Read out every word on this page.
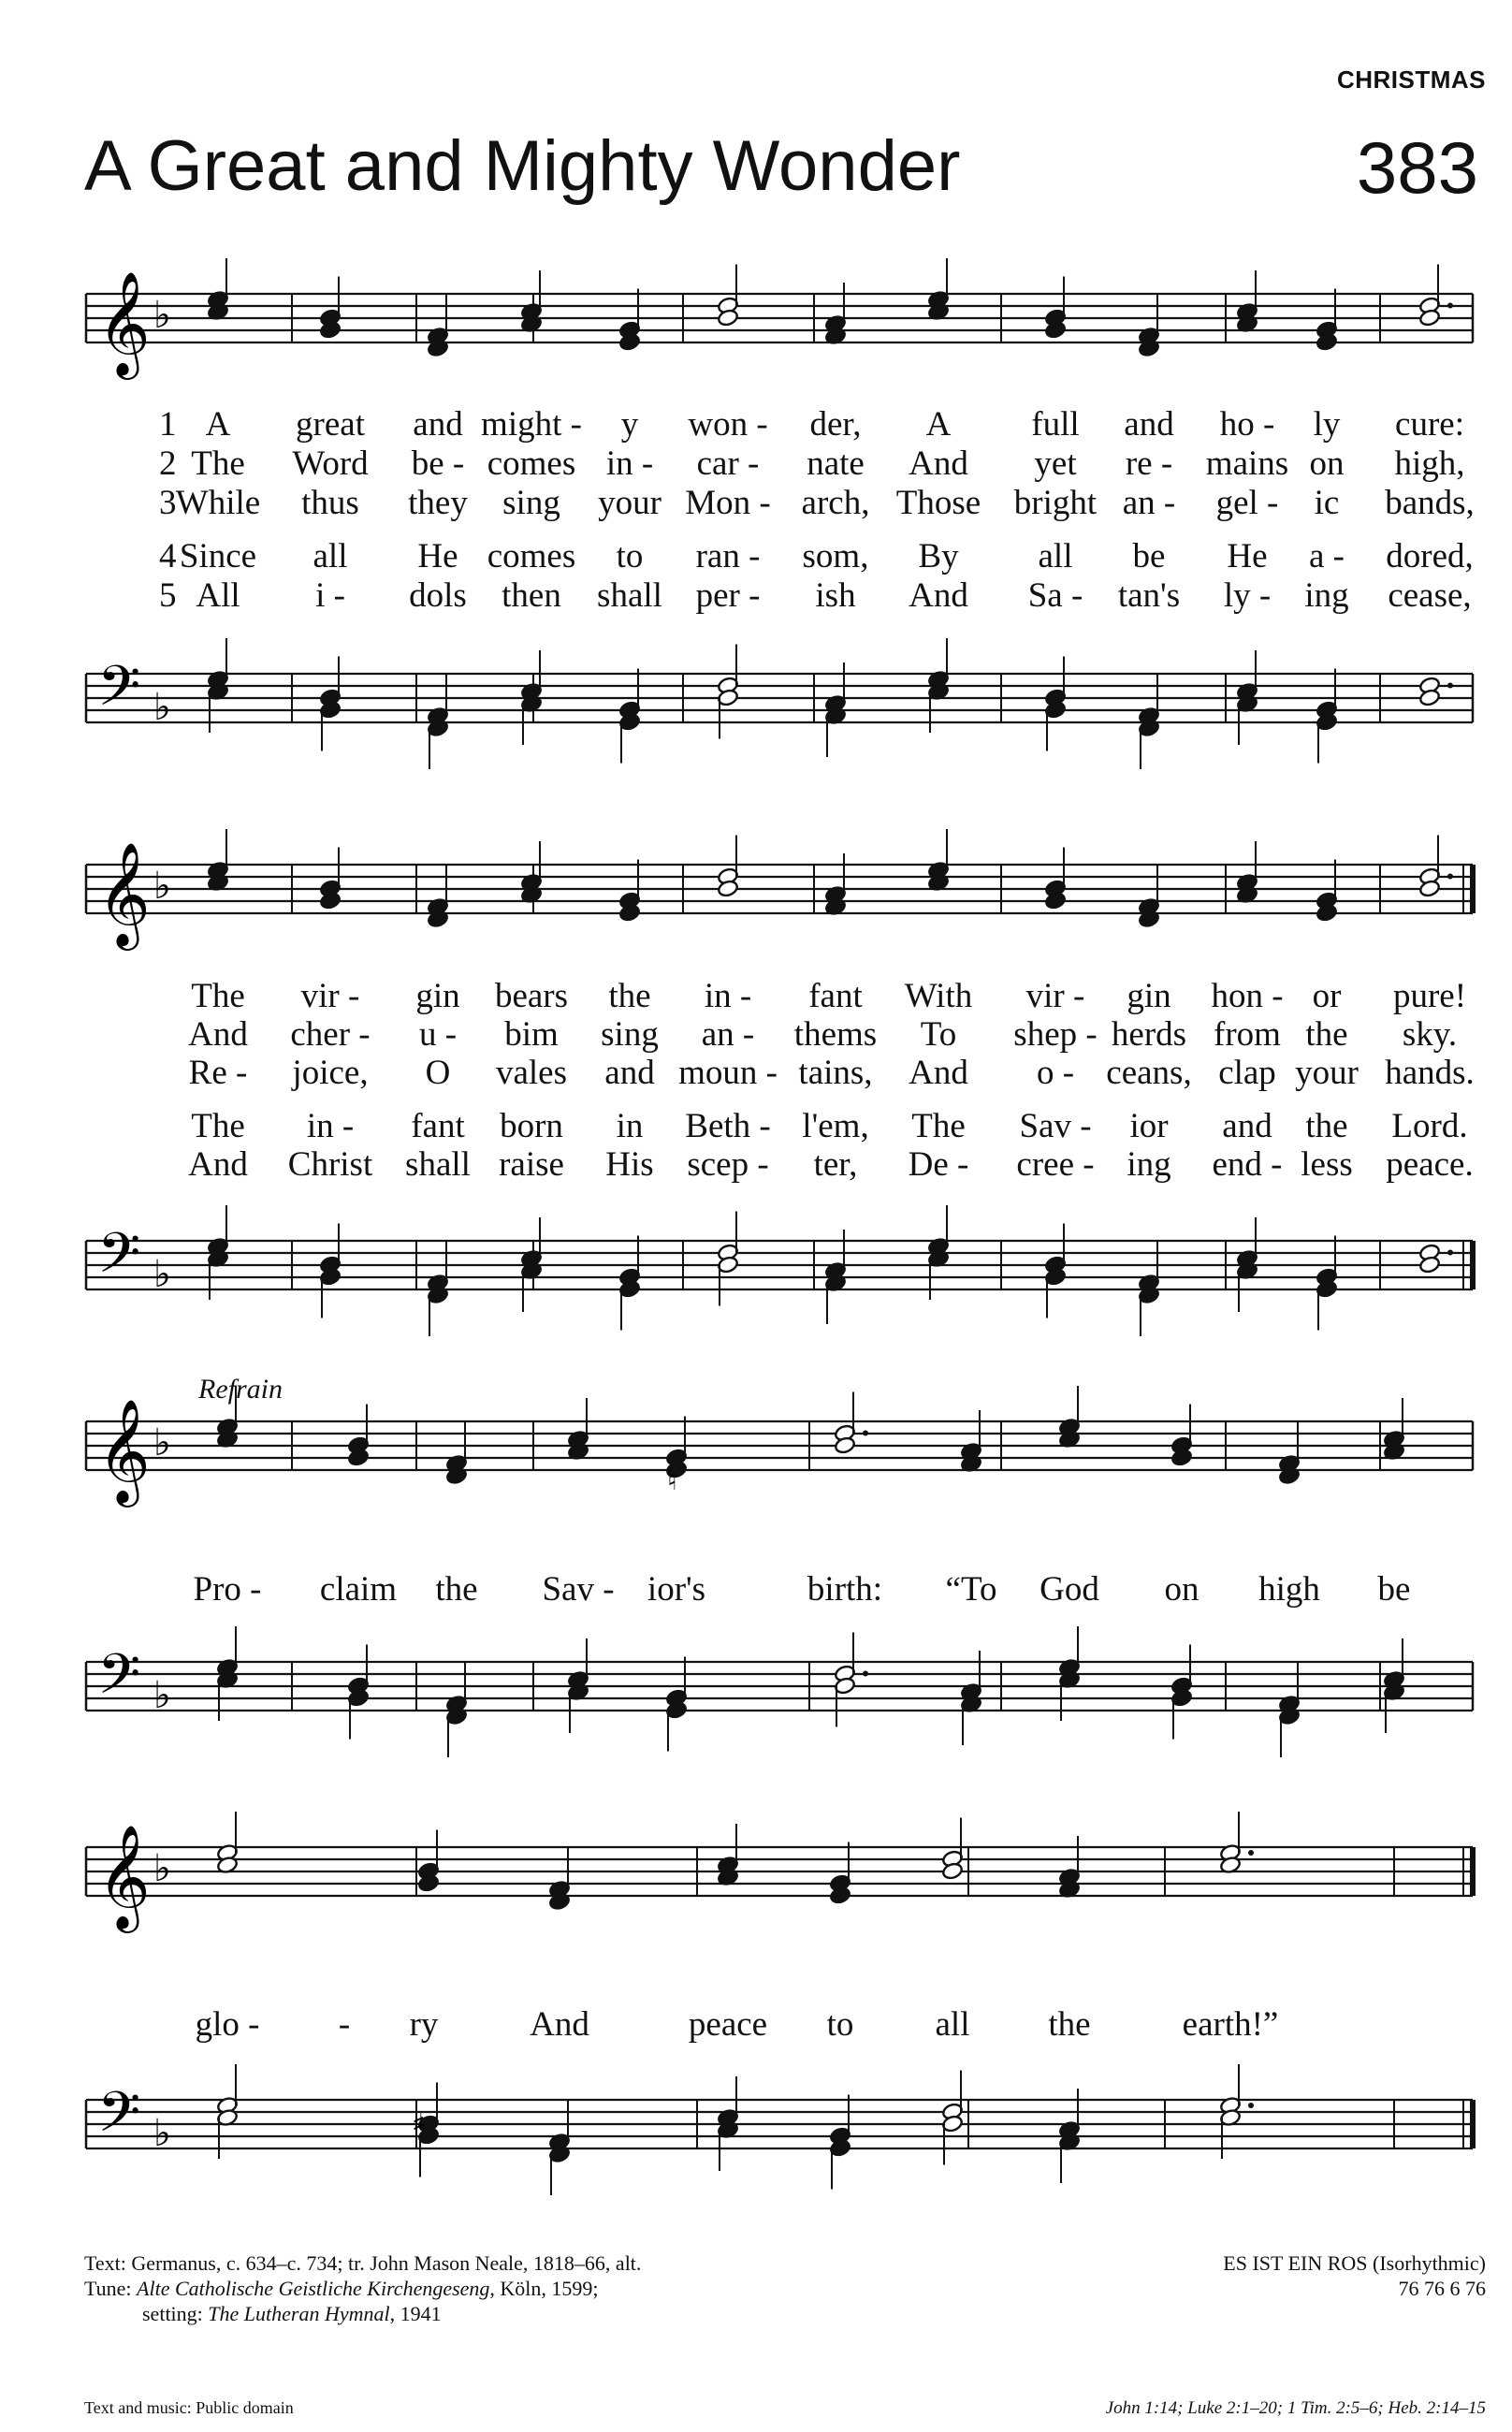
CHRISTMAS
A Great and Mighty Wonder	383
𝄞 ♭
𝄢 ♭
1 A great and might - y won - der, A full and ho - ly cure:
2 The Word be - comes in - car - nate And yet re - mains on high,
3 While thus they sing your Mon - arch, Those bright an - gel - ic bands,
4 Since all He comes to ran - som, By all be He a - dored,
5 All i - dols then shall per - ish And Sa - tan's ly - ing cease,
𝄞 ♭
𝄢 ♭
The vir - gin bears the in - fant With vir - gin hon - or pure!
And cher - u - bim sing an - thems To shep - herds from the sky.
Re - joice, O vales and moun - tains, And o - ceans, clap your hands.
The in - fant born in Beth - l'em, The Sav - ior and the Lord.
And Christ shall raise His scep - ter, De - cree - ing end - less peace.
Refrain
𝄞 ♭
♮
Pro - claim the Sav - ior's	birth: “To God on high be
𝄢 ♭
𝄞 ♭
glo - - ry	And	peace to all the	earth!”
𝄢 ♭	♯
Text: Germanus, c. 634–c. 734; tr. John Mason Neale, 1818–66, alt.
Tune: Alte Catholische Geistliche Kirchengeseng, Köln, 1599;
setting: The Lutheran Hymnal, 1941
ES IST EIN ROS (Isorhythmic)
76 76 6 76
Text and music: Public domain	John 1:14; Luke 2:1–20; 1 Tim. 2:5–6; Heb. 2:14–15
